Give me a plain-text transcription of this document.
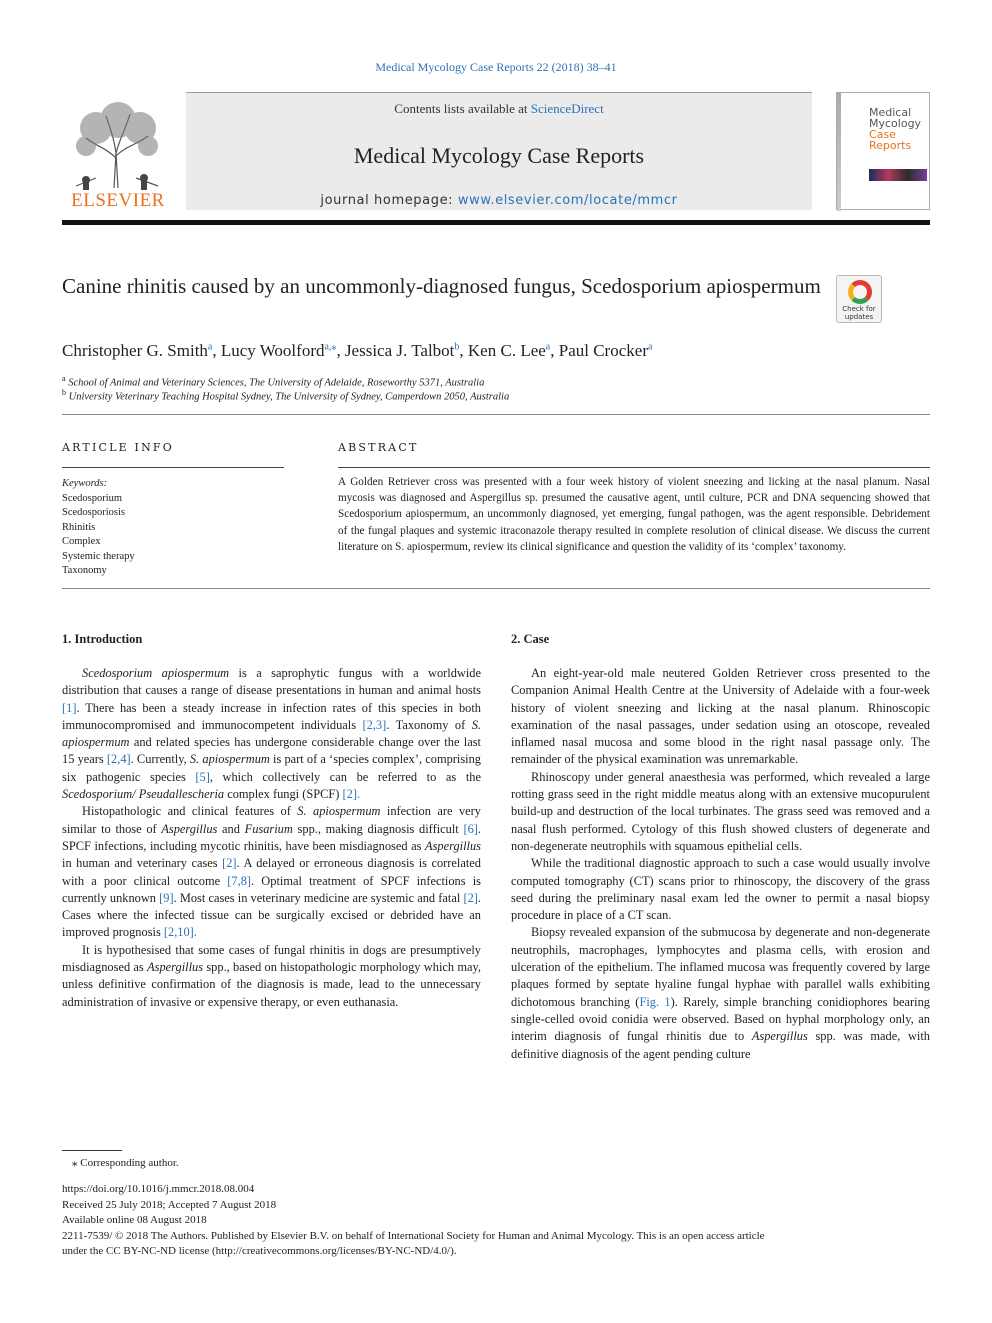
Medical Mycology Case Reports 22 (2018) 38–41
ELSEVIER
Contents lists available at ScienceDirect
Medical Mycology Case Reports
journal homepage: www.elsevier.com/locate/mmcr
Medical
Mycology
Case
Reports
Canine rhinitis caused by an uncommonly-diagnosed fungus, Scedosporium apiospermum
Check for
updates
Christopher G. Smith$^a$, Lucy Woolford$^{a,⁎}$, Jessica J. Talbot$^b$, Ken C. Lee$^a$, Paul Crocker$^a$
$^a$ School of Animal and Veterinary Sciences, The University of Adelaide, Roseworthy 5371, Australia
$^b$ University Veterinary Teaching Hospital Sydney, The University of Sydney, Camperdown 2050, Australia
ARTICLE INFO	ABSTRACT
Keywords:
Scedosporium
Scedosporiosis
Rhinitis
Complex
Systemic therapy
Taxonomy
A Golden Retriever cross was presented with a four week history of violent sneezing and licking at the nasal planum. Nasal mycosis was diagnosed and Aspergillus sp. presumed the causative agent, until culture, PCR and DNA sequencing showed that Scedosporium apiospermum, an uncommonly diagnosed, yet emerging, fungal pathogen, was the agent responsible. Debridement of the fungal plaques and systemic itraconazole therapy resulted in complete resolution of clinical disease. We discuss the current literature on S. apiospermum, review its clinical significance and question the validity of its ‘complex’ taxonomy.
1. Introduction	2. Case

Scedosporium apiospermum is a saprophytic fungus with a worldwide distribution that causes a range of disease presentations in human and animal hosts [1]. There has been a steady increase in infection rates of this species in both immunocompromised and immunocompetent individuals [2,3]. Taxonomy of S. apiospermum and related species has undergone considerable change over the last 15 years [2,4]. Currently, S. apiospermum is part of a ‘species complex’, comprising six pathogenic species [5], which collectively can be referred to as the Scedosporium/ Pseudallescheria complex fungi (SPCF) [2].

Histopathologic and clinical features of S. apiospermum infection are very similar to those of Aspergillus and Fusarium spp., making diagnosis difficult [6]. SPCF infections, including mycotic rhinitis, have been misdiagnosed as Aspergillus in human and veterinary cases [2]. A delayed or erroneous diagnosis is correlated with a poor clinical outcome [7,8]. Optimal treatment of SPCF infections is currently unknown [9]. Most cases in veterinary medicine are systemic and fatal [2]. Cases where the infected tissue can be surgically excised or debrided have an improved prognosis [2,10].

It is hypothesised that some cases of fungal rhinitis in dogs are presumptively misdiagnosed as Aspergillus spp., based on histopathologic morphology which may, unless definitive confirmation of the diagnosis is made, lead to the unnecessary administration of invasive or expensive therapy, or even euthanasia.

An eight-year-old male neutered Golden Retriever cross presented to the Companion Animal Health Centre at the University of Adelaide with a four-week history of violent sneezing and licking at the nasal planum. Rhinoscopic examination of the nasal passages, under sedation using an otoscope, revealed inflamed nasal mucosa and some blood in the right nasal passage only. The remainder of the physical examination was unremarkable.

Rhinoscopy under general anaesthesia was performed, which revealed a large rotting grass seed in the right middle meatus along with an extensive mucopurulent build-up and destruction of the local turbinates. The grass seed was removed and a nasal flush performed. Cytology of this flush showed clusters of degenerate and non-degenerate neutrophils with squamous epithelial cells.

While the traditional diagnostic approach to such a case would usually involve computed tomography (CT) scans prior to rhinoscopy, the discovery of the grass seed during the preliminary nasal exam led the owner to permit a nasal biopsy procedure in place of a CT scan.

Biopsy revealed expansion of the submucosa by degenerate and non-degenerate neutrophils, macrophages, lymphocytes and plasma cells, with erosion and ulceration of the epithelium. The inflamed mucosa was frequently covered by large plaques formed by septate hyaline fungal hyphae with parallel walls exhibiting dichotomous branching (Fig. 1). Rarely, simple branching conidiophores bearing single-celled ovoid conidia were observed. Based on hyphal morphology only, an interim diagnosis of fungal rhinitis due to Aspergillus spp. was made, with definitive diagnosis of the agent pending culture

⁎ Corresponding author.
https://doi.org/10.1016/j.mmcr.2018.08.004
Received 25 July 2018; Accepted 7 August 2018
Available online 08 August 2018
2211-7539/ © 2018 The Authors. Published by Elsevier B.V. on behalf of International Society for Human and Animal Mycology. This is an open access article
under the CC BY-NC-ND license (http://creativecommons.org/licenses/BY-NC-ND/4.0/).
